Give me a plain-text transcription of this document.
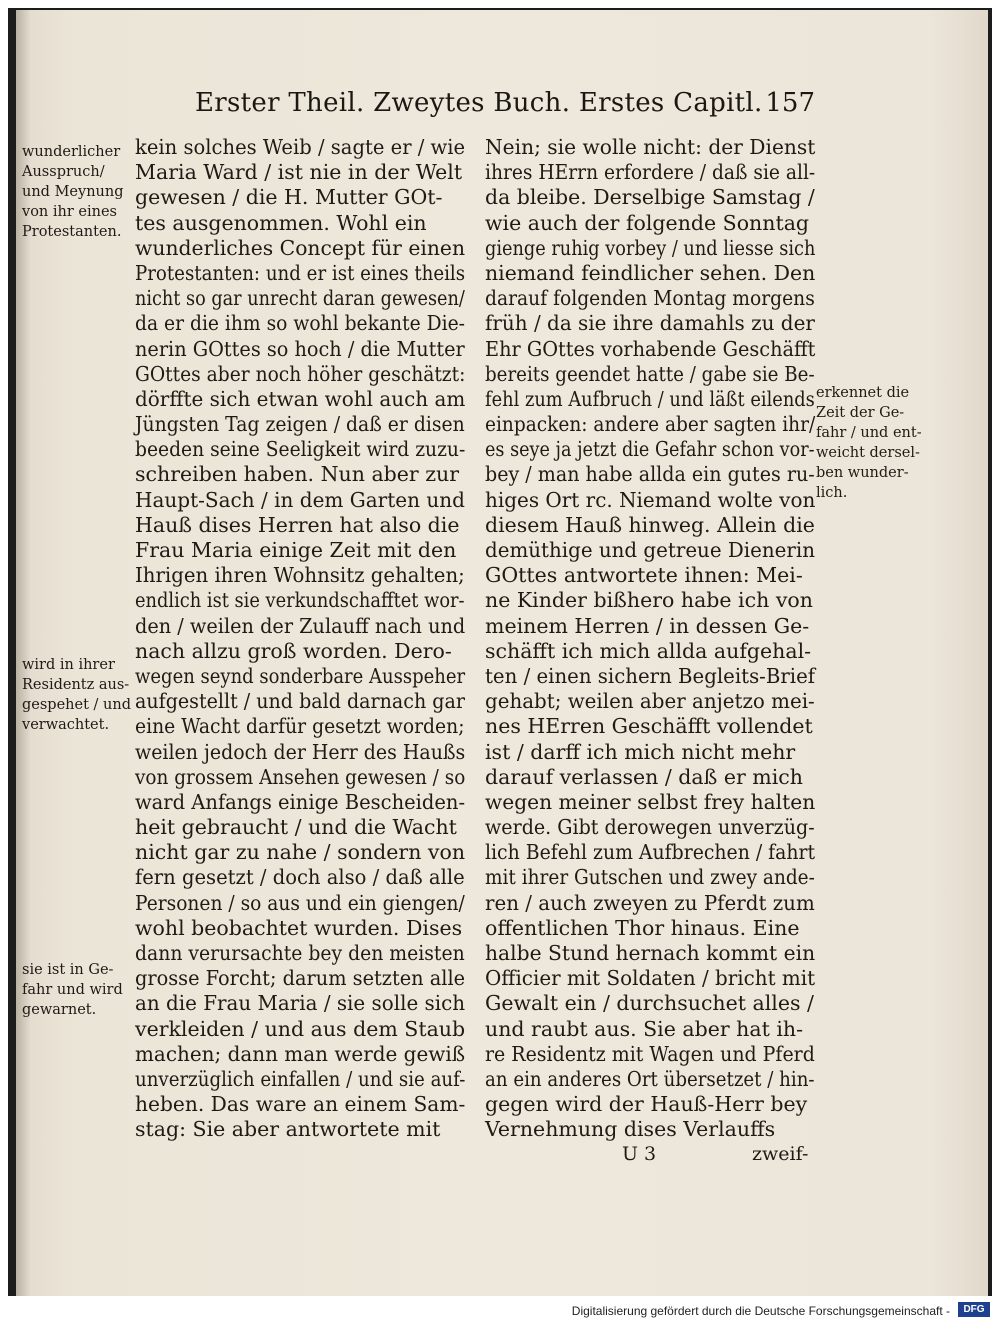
Erster Theil. Zweytes Buch. Erstes Capitl. 157
wunderlicher
Ausspruch/
und Meynung
von ihr eines
Protestanten.
erkennet die
Zeit der Ge-
fahr / und ent-
weicht dersel-
ben wunder-
lich.
wird in ihrer
Residentz aus-
gespehet / und
verwachtet.
sie ist in Ge-
fahr und wird
gewarnet.
kein solches Weib / sagte er / wie
Maria Ward / ist nie in der Welt
gewesen / die H. Mutter GOt-
tes ausgenommen. Wohl ein
wunderliches Concept für einen
Protestanten: und er ist eines theils
nicht so gar unrecht daran gewesen/
da er die ihm so wohl bekante Die-
nerin GOttes so hoch / die Mutter
GOttes aber noch höher geschätzt:
dörffte sich etwan wohl auch am
Jüngsten Tag zeigen / daß er disen
beeden seine Seeligkeit wird zuzu-
schreiben haben. Nun aber zur
Haupt-Sach / in dem Garten und
Hauß dises Herren hat also die
Frau Maria einige Zeit mit den
Ihrigen ihren Wohnsitz gehalten;
endlich ist sie verkundschafftet wor-
den / weilen der Zulauff nach und
nach allzu groß worden. Dero-
wegen seynd sonderbare Ausspeher
aufgestellt / und bald darnach gar
eine Wacht darfür gesetzt worden;
weilen jedoch der Herr des Haußs
von grossem Ansehen gewesen / so
ward Anfangs einige Bescheiden-
heit gebraucht / und die Wacht
nicht gar zu nahe / sondern von
fern gesetzt / doch also / daß alle
Personen / so aus und ein giengen/
wohl beobachtet wurden. Dises
dann verursachte bey den meisten
grosse Forcht; darum setzten alle
an die Frau Maria / sie solle sich
verkleiden / und aus dem Staub
machen; dann man werde gewiß
unverzüglich einfallen / und sie auf-
heben. Das ware an einem Sam-
stag: Sie aber antwortete mit
Nein; sie wolle nicht: der Dienst
ihres HErrn erfordere / daß sie all-
da bleibe. Derselbige Samstag /
wie auch der folgende Sonntag
gienge ruhig vorbey / und liesse sich
niemand feindlicher sehen. Den
darauf folgenden Montag morgens
früh / da sie ihre damahls zu der
Ehr GOttes vorhabende Geschäfft
bereits geendet hatte / gabe sie Be-
fehl zum Aufbruch / und läßt eilends
einpacken: andere aber sagten ihr/
es seye ja jetzt die Gefahr schon vor-
bey / man habe allda ein gutes ru-
higes Ort rc. Niemand wolte von
diesem Hauß hinweg. Allein die
demüthige und getreue Dienerin
GOttes antwortete ihnen: Mei-
ne Kinder bißhero habe ich von
meinem Herren / in dessen Ge-
schäfft ich mich allda aufgehal-
ten / einen sichern Begleits-Brief
gehabt; weilen aber anjetzo mei-
nes HErren Geschäfft vollendet
ist / darff ich mich nicht mehr
darauf verlassen / daß er mich
wegen meiner selbst frey halten
werde. Gibt derowegen unverzüg-
lich Befehl zum Aufbrechen / fahrt
mit ihrer Gutschen und zwey ande-
ren / auch zweyen zu Pferdt zum
offentlichen Thor hinaus. Eine
halbe Stund hernach kommt ein
Officier mit Soldaten / bricht mit
Gewalt ein / durchsuchet alles /
und raubt aus. Sie aber hat ih-
re Residentz mit Wagen und Pferd
an ein anderes Ort übersetzet / hin-
gegen wird der Hauß-Herr bey
Vernehmung dises Verlauffs
U 3	zweif-
Digitalisierung gefördert durch die Deutsche Forschungsgemeinschaft -	DFG
